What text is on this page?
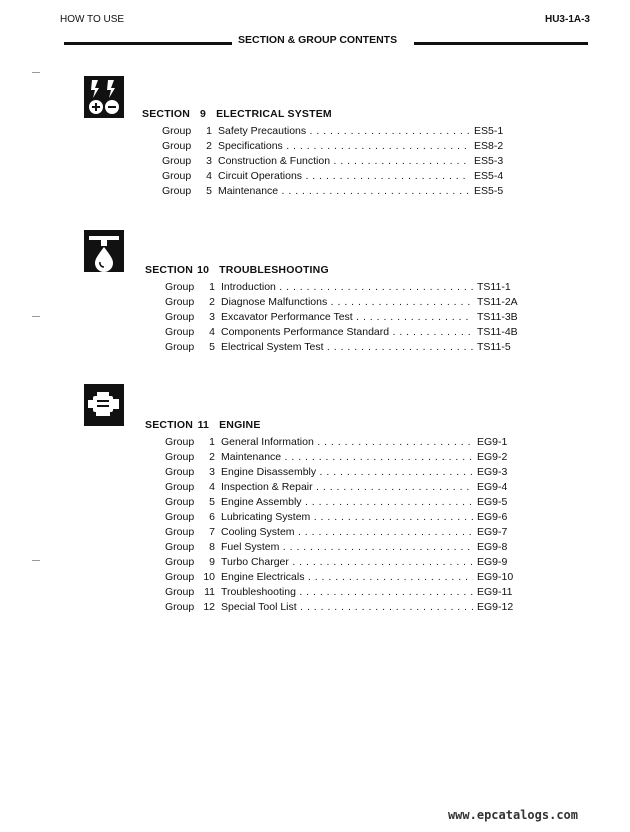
HOW TO USE	HU3-1A-3
SECTION & GROUP CONTENTS
SECTION 9 ELECTRICAL SYSTEM
Group	1 Safety Precautions . . .	ES5-1
Group	2 Specifications . . .	ES8-2
Group	3 Construction & Function . . .	ES5-3
Group	4 Circuit Operations . . .	ES5-4
Group	5 Maintenance . . .	ES5-5
SECTION 10 TROUBLESHOOTING
Group	1 Introduction . . .	TS11-1
Group	2 Diagnose Malfunctions . . .	TS11-2A
Group	3 Excavator Performance Test . . .	TS11-3B
Group	4 Components Performance Standard . . .	TS11-4B
Group	5 Electrical System Test . . .	TS11-5
SECTION 11 ENGINE
Group	1 General Information . . .	EG9-1
Group	2 Maintenance . . .	EG9-2
Group	3 Engine Disassembly . . .	EG9-3
Group	4 Inspection & Repair . . .	EG9-4
Group	5 Engine Assembly . . .	EG9-5
Group	6 Lubricating System . . .	EG9-6
Group	7 Cooling System . . .	EG9-7
Group	8 Fuel System . . .	EG9-8
Group	9 Turbo Charger . . .	EG9-9
Group 10 Engine Electricals . . .	EG9-10
Group 11 Troubleshooting . . .	EG9-11
Group 12 Special Tool List . . .	EG9-12
www.epcatalogs.com
